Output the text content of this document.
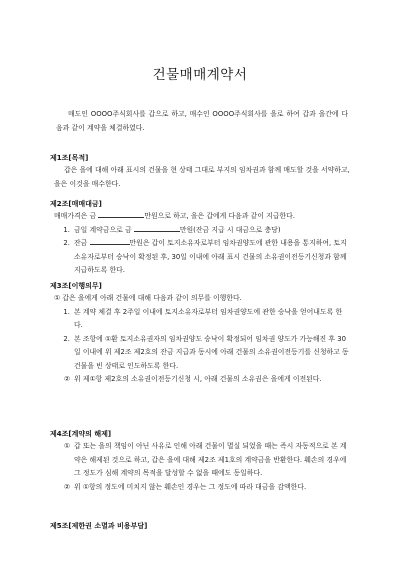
건물매매계약서

매도인 OOOO주식회사를 갑으로 하고, 매수인 OOOO주식회사를 을로 하여 갑과 을간에 다음과 같이 계약을 체결하였다.

제1조[목적]

갑은 을에 대해 아래 표시의 건물을 현 상태 그대로 부지의 임차권과 함께 매도할 것을 서약하고, 을은 이것을 매수한다.

제2조[매매대금]

매매가격은 금	만원으로 하고, 을은 갑에게 다음과 같이 지급한다.

1. 금일 계약금으로 금	만원(잔금 지급 시 대금으로 충당)
2. 잔금	만원은 갑이 토지소유자로부터 임차권양도에 관한 내용을 통지하여, 토지 소유자로부터 승낙이 확정된 후, 30일 이내에 아래 표시 건물의 소유권이전등기신청과 함께 지급하도록 한다.
제3조[이행의무]

① 갑은 을에게 아래 건물에 대해 다음과 같이 의무를 이행한다.

1. 본 계약 체결 후 2주일 이내에 토지소유자로부터 임차권양도에 관한 승낙을 얻어내도록 한다.
2. 본 조항에 ①환 토지소유권자의 임차권양도 승낙이 확정되어 임차권 양도가 가능해진 후 30일 이내에 위 제2조 제2호의 잔금 지급과 동시에 아래 건물의 소유권이전등기를 신청하고 동 건물을 빈 상태로 인도하도록 한다.
② 위 제①항 제2호의 소유권이전등기신청 시, 아래 건물의 소유권은 을에게 이전된다.
제4조[계약의 해제]
① 갑 또는 을의 책임이 아닌 사유로 인해 아래 건물이 멸실 되었을 때는 즉시 자동적으로 본 계약은 해제된 것으로 하고, 갑은 을에 대해 제2조 제1호의 계약금을 반환한다. 훼손의 경우에 그 정도가 심해 계약의 목적을 달성할 수 없을 때에도 동일하다.
② 위 ①항의 정도에 미치지 않는 훼손인 경우는 그 정도에 따라 대금을 감액한다.
제5조[제한권 소멸과 비용부담]
